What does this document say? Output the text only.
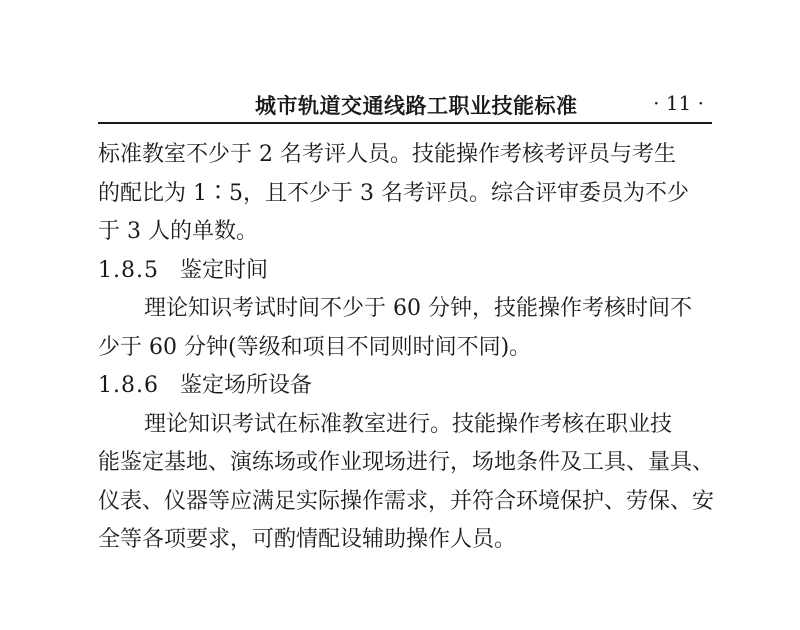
城市轨道交通线路工职业技能标准	· 11 ·
标准教室不少于 2 名考评人员。技能操作考核考评员与考生
的配比为 1∶5，且不少于 3 名考评员。综合评审委员为不少
于 3 人的单数。
1.8.5 鉴定时间
理论知识考试时间不少于 60 分钟，技能操作考核时间不
少于 60 分钟(等级和项目不同则时间不同)。
1.8.6 鉴定场所设备
理论知识考试在标准教室进行。技能操作考核在职业技
能鉴定基地、演练场或作业现场进行，场地条件及工具、量具、
仪表、仪器等应满足实际操作需求，并符合环境保护、劳保、安
全等各项要求，可酌情配设辅助操作人员。
